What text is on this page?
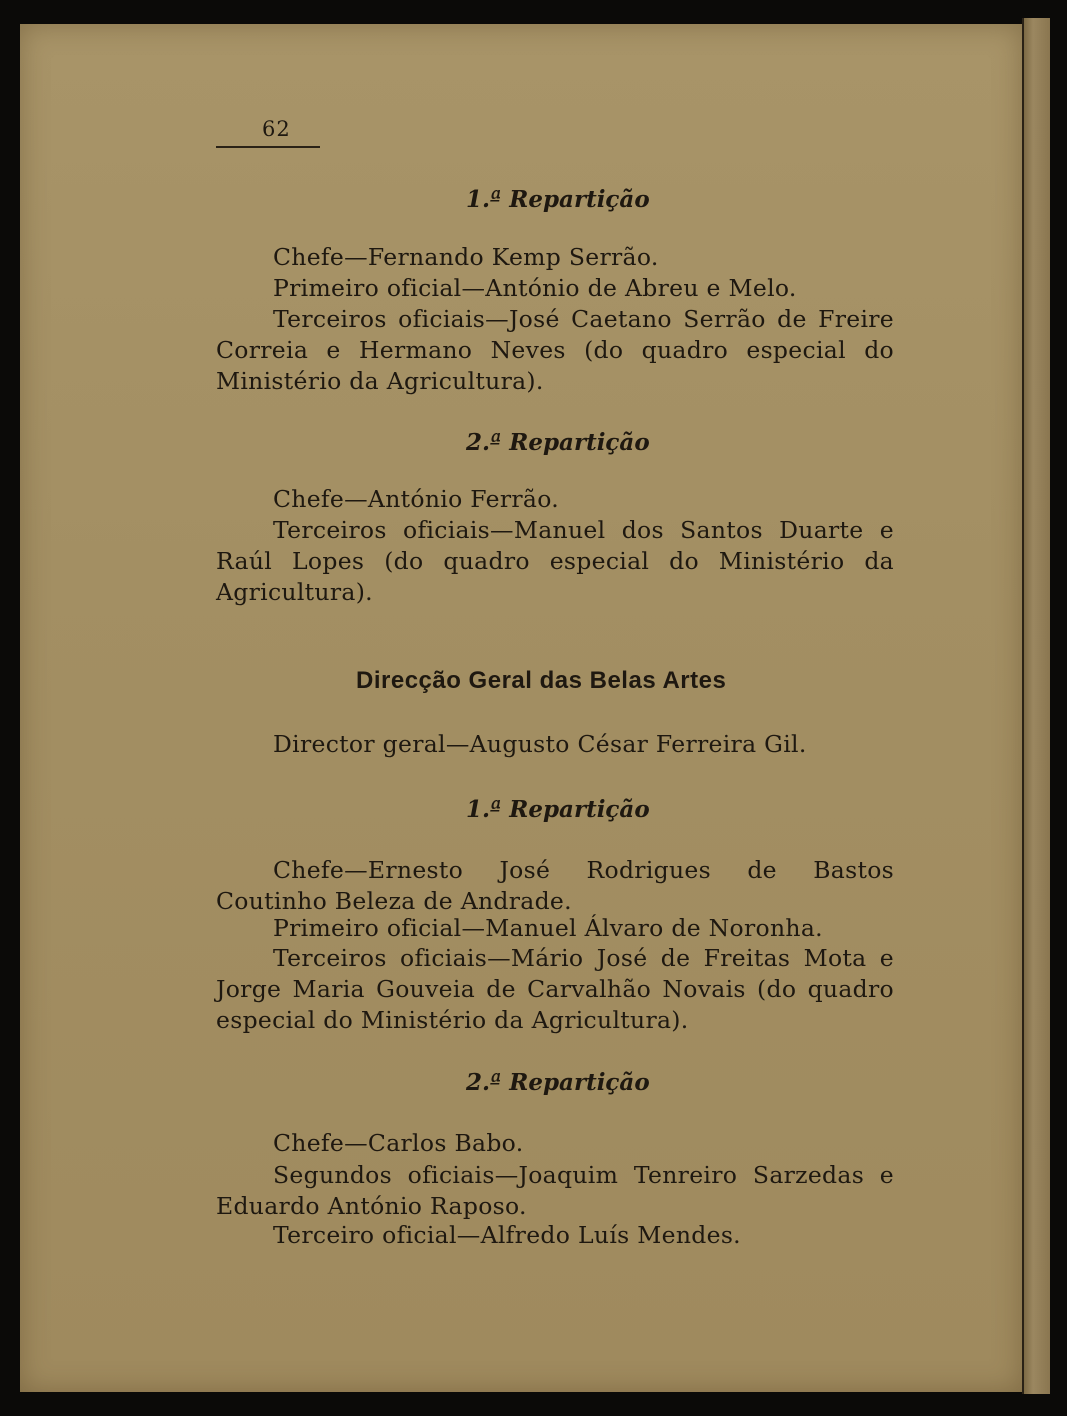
62
1.ª Repartição
Chefe—Fernando Kemp Serrão.
Primeiro oficial—António de Abreu e Melo.
Terceiros oficiais—José Caetano Serrão de Freire Correia e Hermano Neves (do quadro especial do Ministério da Agricultura).
2.ª Repartição
Chefe—António Ferrão.
Terceiros oficiais—Manuel dos Santos Duarte e Raúl Lopes (do quadro especial do Ministério da Agricultura).
Direcção Geral das Belas Artes
Director geral—Augusto César Ferreira Gil.
1.ª Repartição
Chefe—Ernesto José Rodrigues de Bastos Coutinho Beleza de Andrade.
Primeiro oficial—Manuel Álvaro de Noronha.
Terceiros oficiais—Mário José de Freitas Mota e Jorge Maria Gouveia de Carvalhão Novais (do quadro especial do Ministério da Agricultura).
2.ª Repartição
Chefe—Carlos Babo.
Segundos oficiais—Joaquim Tenreiro Sarzedas e Eduardo António Raposo.
Terceiro oficial—Alfredo Luís Mendes.
